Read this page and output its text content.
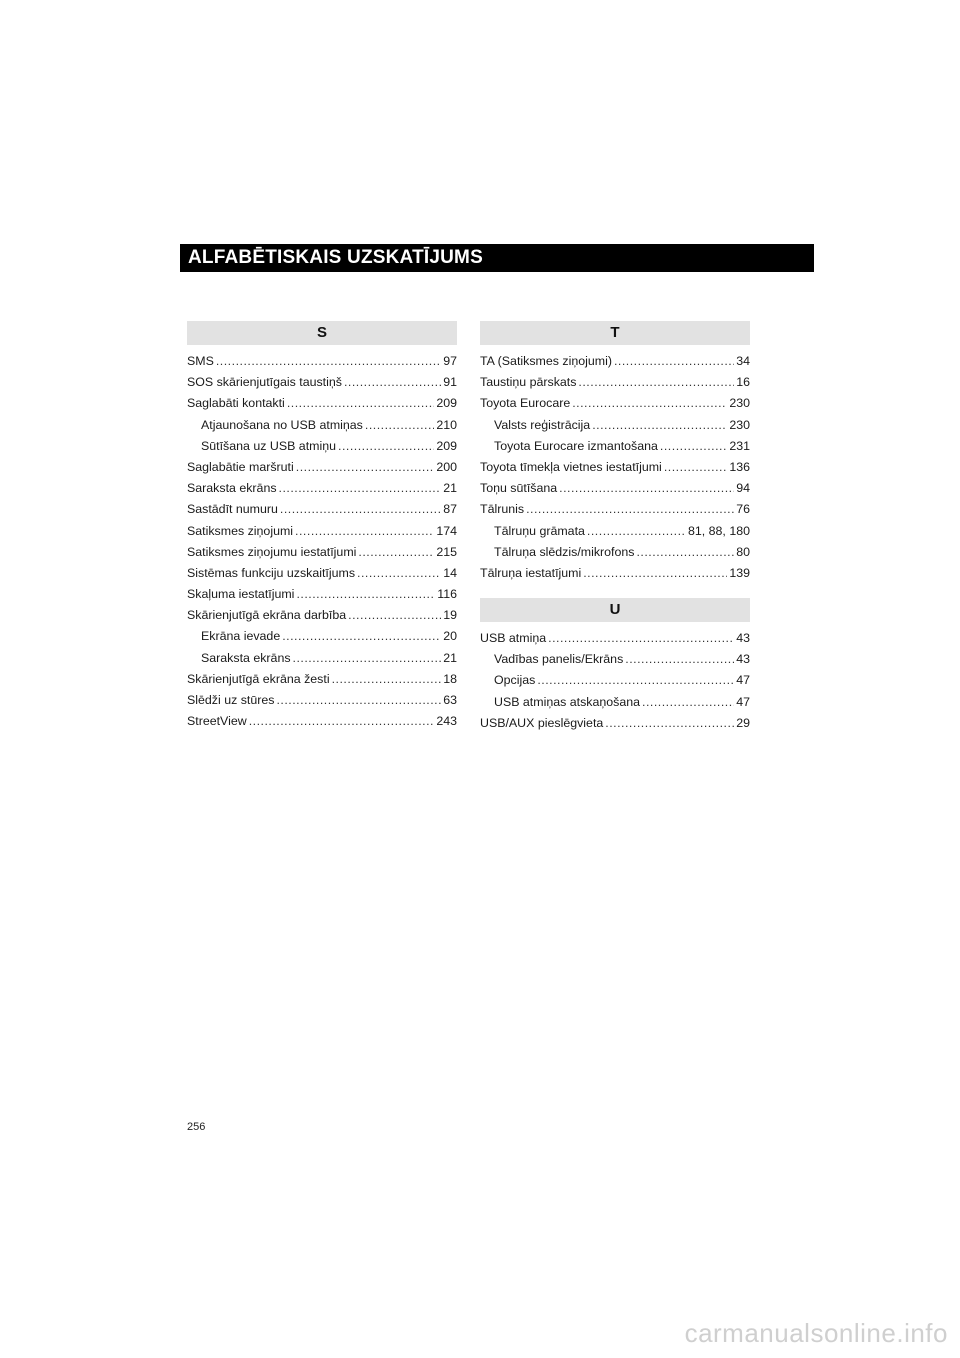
ALFABĒTISKAIS UZSKATĪJUMS
S
SMS .....	97
SOS skārienjutīgais taustiņš .....	91
Saglabāti kontakti .....	209
Atjaunošana no USB atmiņas .....	210
Sūtīšana uz USB atmiņu .....	209
Saglabātie maršruti .....	200
Saraksta ekrāns .....	21
Sastādīt numuru .....	87
Satiksmes ziņojumi .....	174
Satiksmes ziņojumu iestatījumi .....	215
Sistēmas funkciju uzskaitījums .....	14
Skaļuma iestatījumi .....	116
Skārienjutīgā ekrāna darbība .....	19
Ekrāna ievade .....	20
Saraksta ekrāns .....	21
Skārienjutīgā ekrāna žesti .....	18
Slēdži uz stūres .....	63
StreetView .....	243
T
TA (Satiksmes ziņojumi) .....	34
Taustiņu pārskats .....	16
Toyota Eurocare .....	230
Valsts reģistrācija .....	230
Toyota Eurocare izmantošana .....	231
Toyota tīmekļa vietnes iestatījumi .....	136
Toņu sūtīšana .....	94
Tālrunis .....	76
Tālruņu grāmata .....	81, 88, 180
Tālruņa slēdzis/mikrofons .....	80
Tālruņa iestatījumi .....	139
U
USB atmiņa .....	43
Vadības panelis/Ekrāns .....	43
Opcijas .....	47
USB atmiņas atskaņošana .....	47
USB/AUX pieslēgvieta .....	29
256
carmanualsonline.info
